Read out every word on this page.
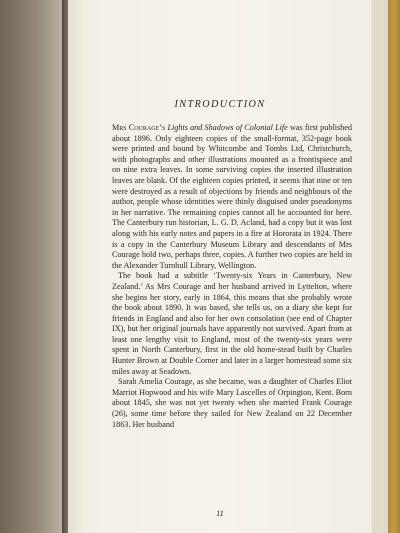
INTRODUCTION

Mrs Courage’s Lights and Shadows of Colonial Life was first published about 1896. Only eighteen copies of the small-format, 352-page book were printed and bound by Whitcombe and Tombs Ltd, Christchurch, with photographs and other illustrations mounted as a frontispiece and on nine extra leaves. In some surviving copies the inserted illustration leaves are blank. Of the eighteen copies printed, it seems that nine or ten were destroyed as a result of objections by friends and neighbours of the author, people whose identities were thinly disguised under pseudonyms in her narrative. The remaining copies cannot all be accounted for here. The Canterbury run historian, L. G. D. Acland, had a copy but it was lost along with his early notes and papers in a fire at Hororata in 1924. There is a copy in the Canterbury Museum Library and descendants of Mrs Courage hold two, perhaps three, copies. A further two copies are held in the Alexander Turnbull Library, Wellington.

The book had a subtitle ‘Twenty-six Years in Canterbury, New Zealand.’ As Mrs Courage and her husband arrived in Lyttelton, where she begins her story, early in 1864, this means that she probably wrote the book about 1890. It was based, she tells us, on a diary she kept for friends in England and also for her own consolation (see end of Chapter IX), but her original journals have apparently not survived. Apart from at least one lengthy visit to England, most of the twenty-six years were spent in North Canterbury, first in the old home-stead built by Charles Hunter Brown at Double Corner and later in a larger homestead some six miles away at Seadown.

Sarah Amelia Courage, as she became, was a daughter of Charles Eliot Marriot Hopwood and his wife Mary Lascelles of Orpington, Kent. Born about 1845, she was not yet twenty when she married Frank Courage (26), some time before they sailed for New Zealand on 22 December 1863. Her husband

11
